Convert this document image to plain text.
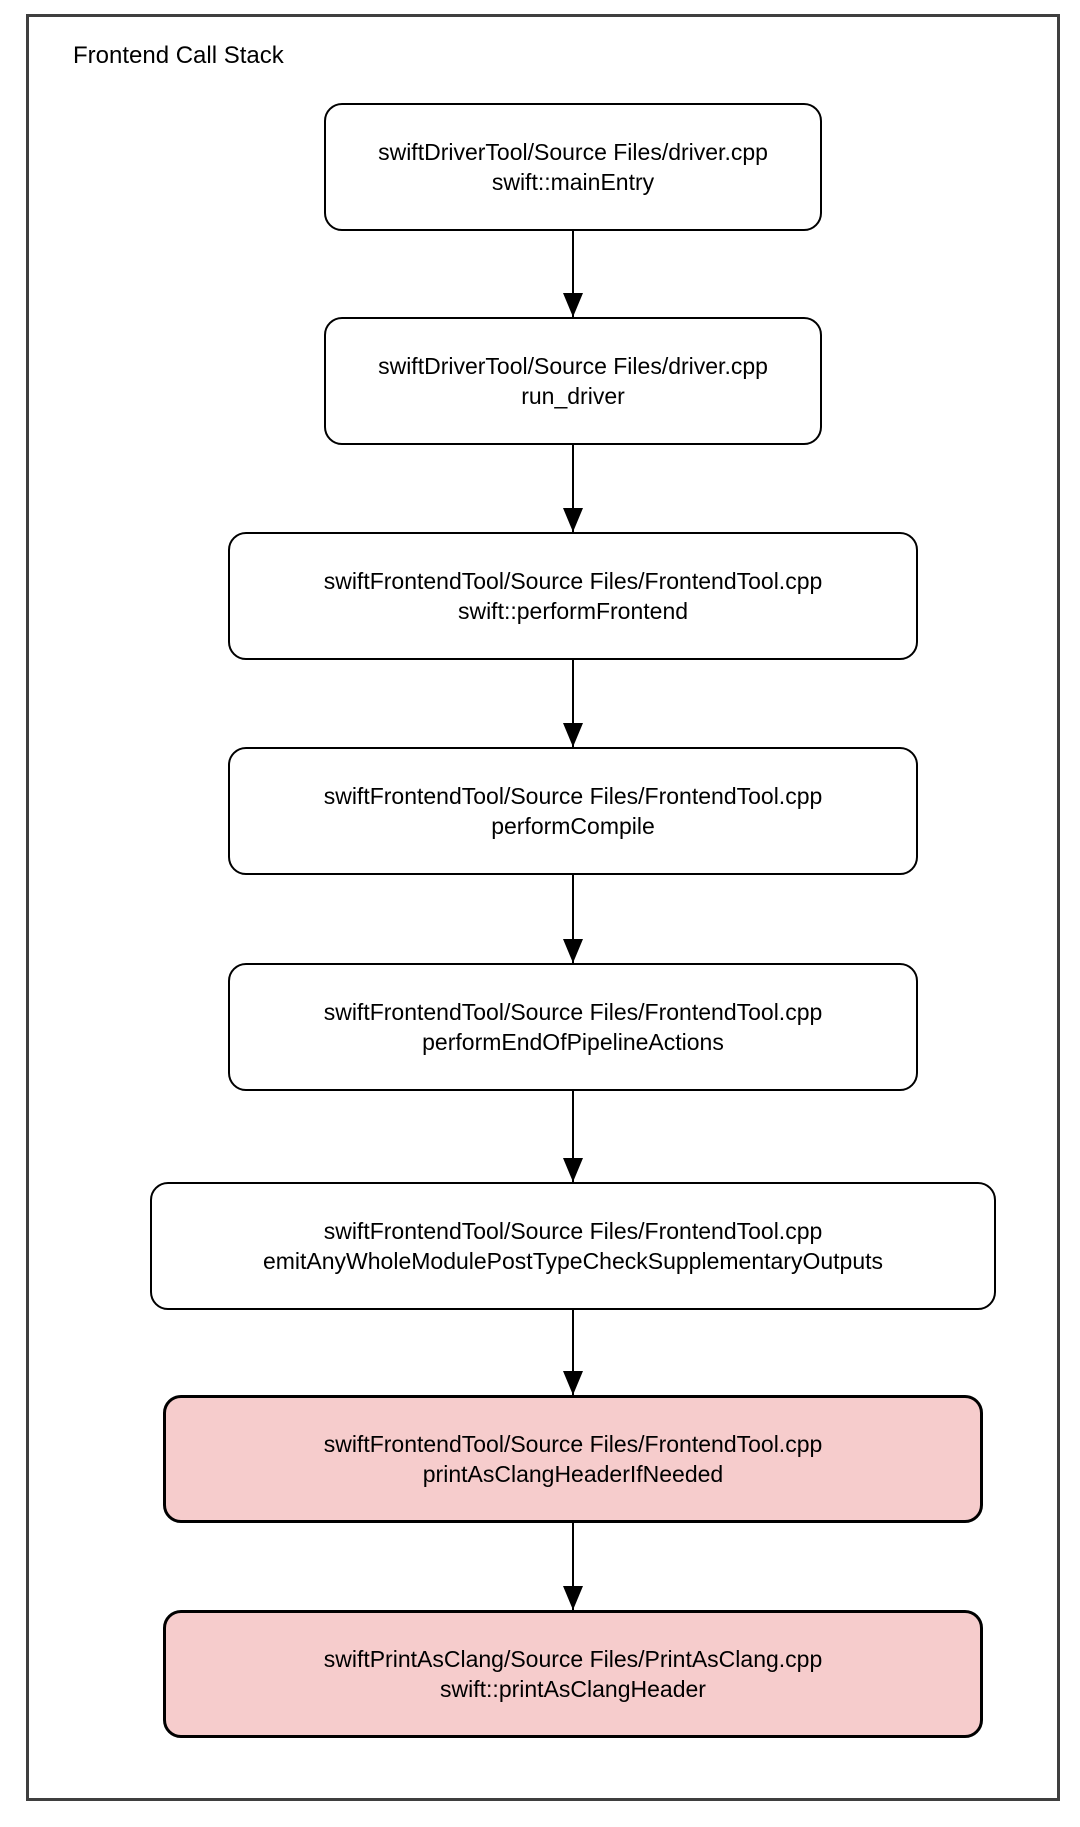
Frontend Call Stack
swiftDriverTool/Source Files/driver.cpp
swift::mainEntry
swiftDriverTool/Source Files/driver.cpp
run_driver
swiftFrontendTool/Source Files/FrontendTool.cpp
swift::performFrontend
swiftFrontendTool/Source Files/FrontendTool.cpp
performCompile
swiftFrontendTool/Source Files/FrontendTool.cpp
performEndOfPipelineActions
swiftFrontendTool/Source Files/FrontendTool.cpp
emitAnyWholeModulePostTypeCheckSupplementaryOutputs
swiftFrontendTool/Source Files/FrontendTool.cpp
printAsClangHeaderIfNeeded
swiftPrintAsClang/Source Files/PrintAsClang.cpp
swift::printAsClangHeader
